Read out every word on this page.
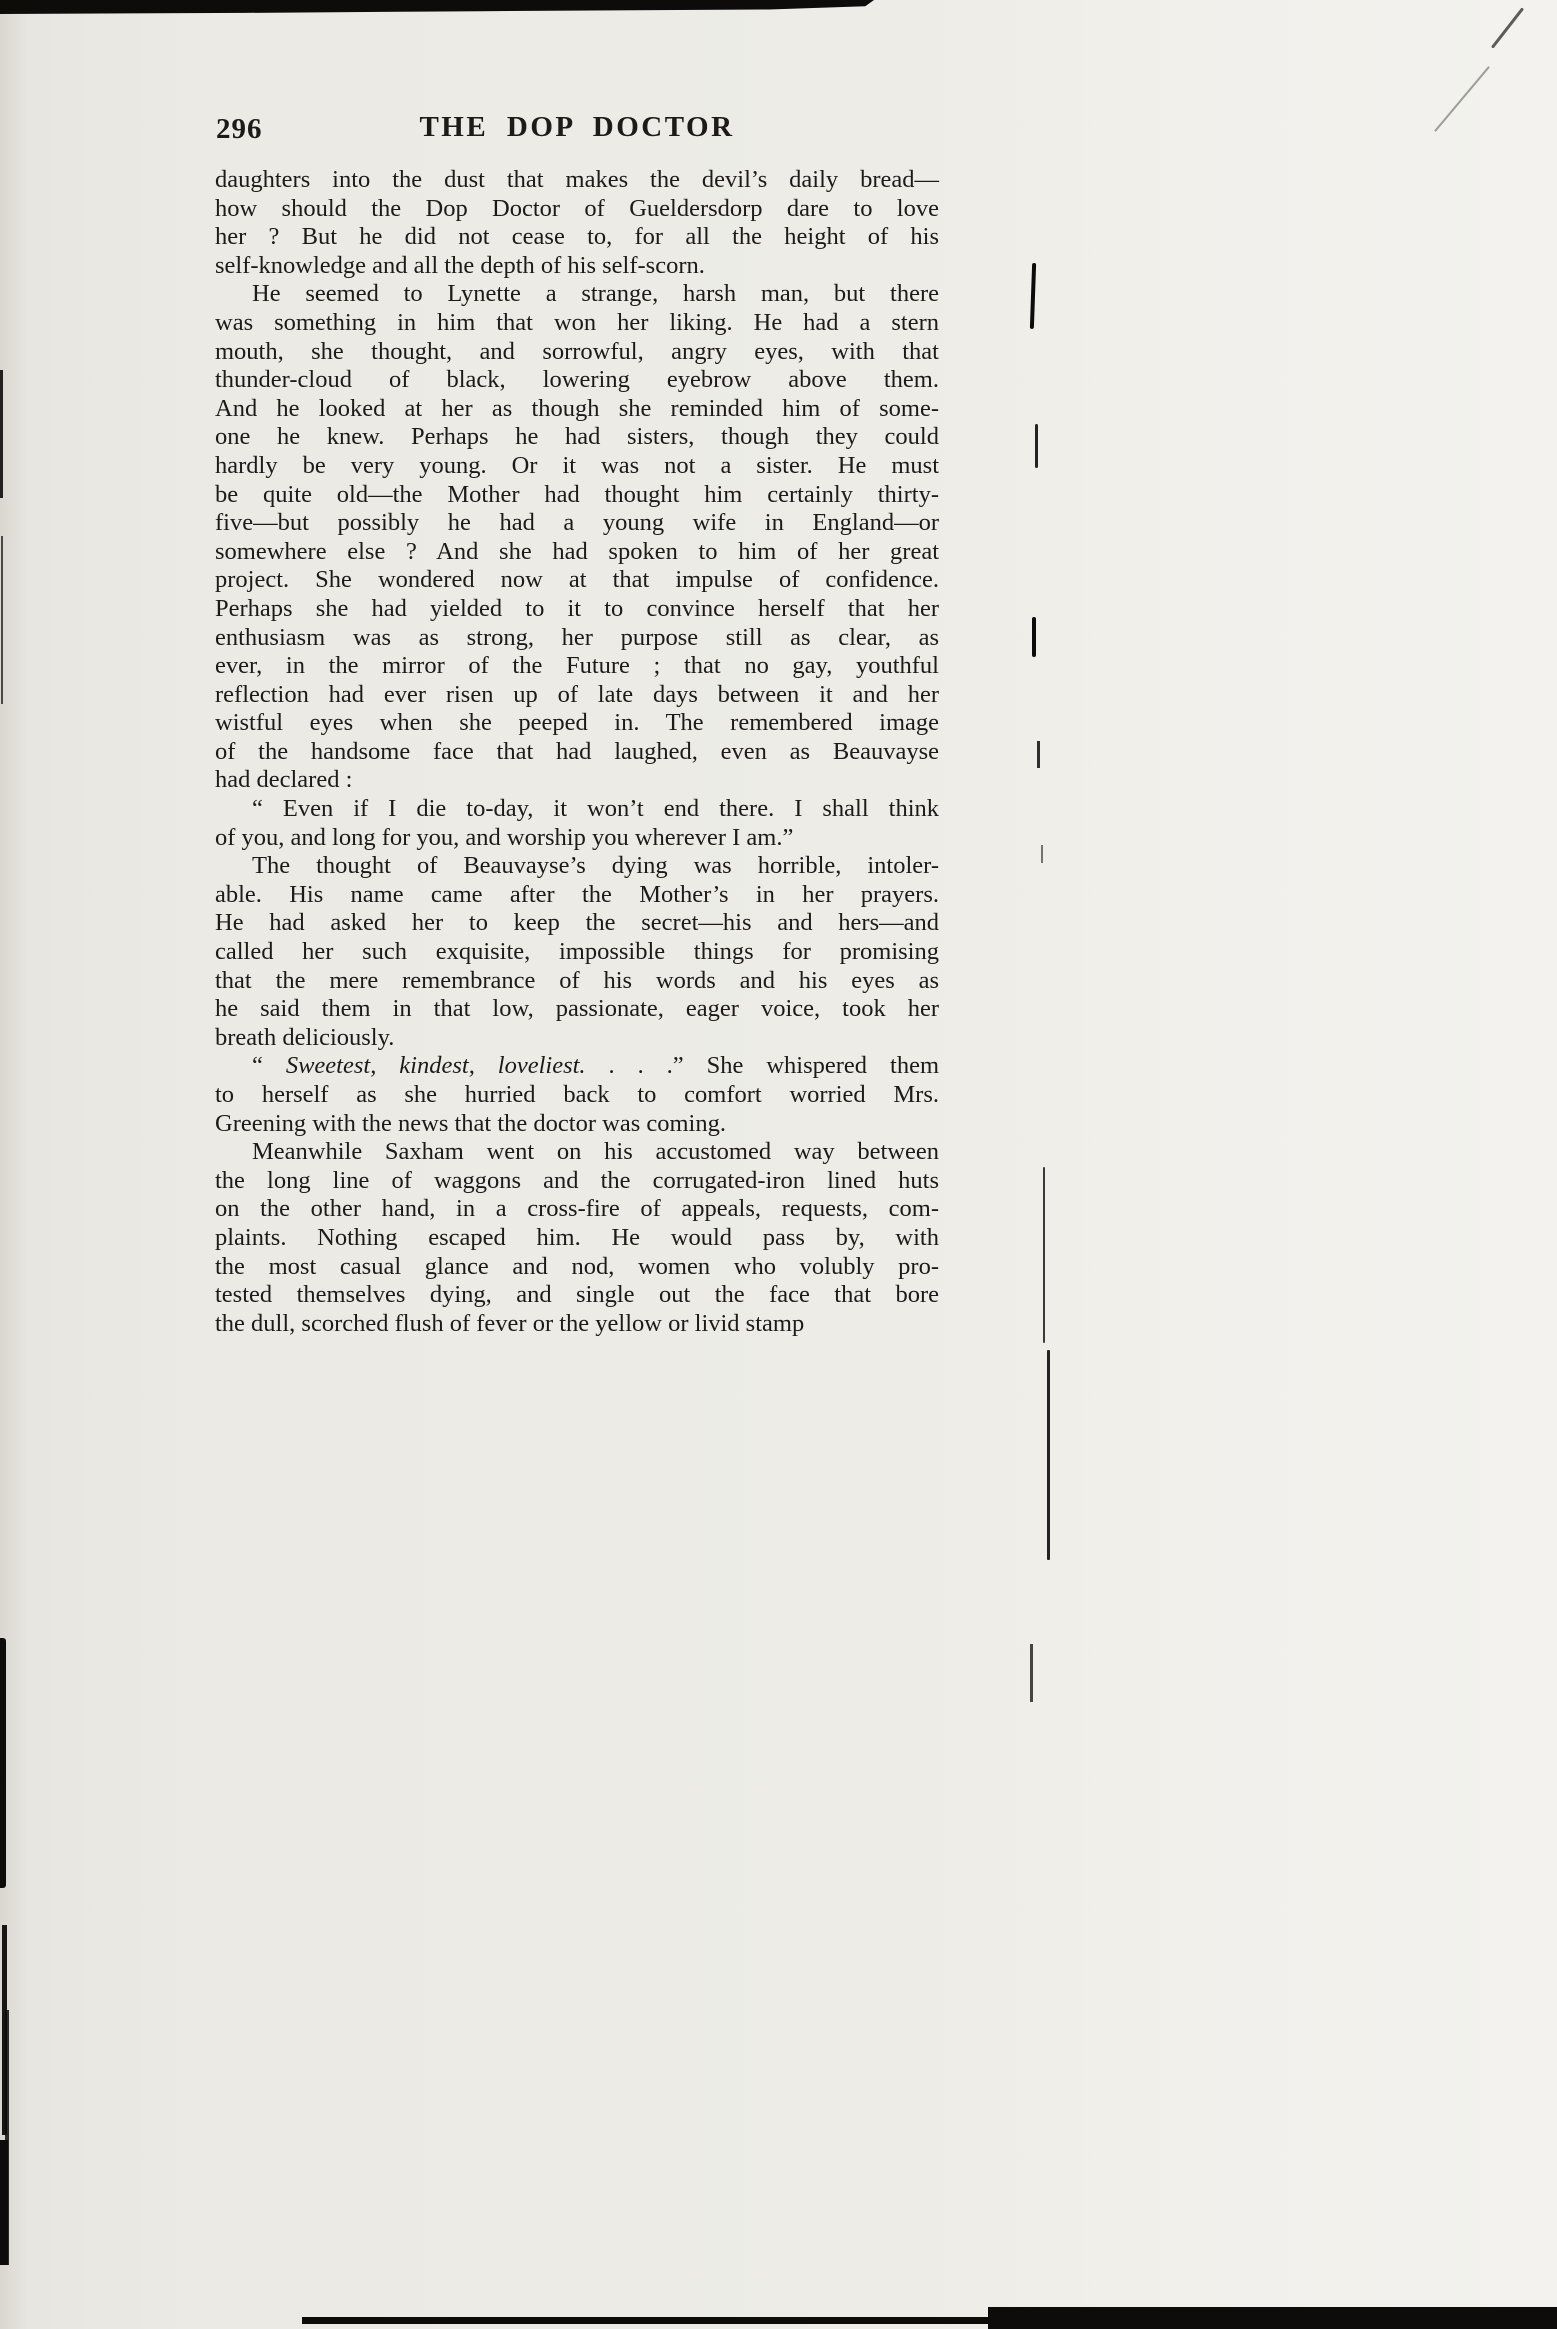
296	THE DOP DOCTOR
daughters into the dust that makes the devil’s daily bread—
how should the Dop Doctor of Gueldersdorp dare to love
her ? But he did not cease to, for all the height of his
self-knowledge and all the depth of his self-scorn.
He seemed to Lynette a strange, harsh man, but there
was something in him that won her liking. He had a stern
mouth, she thought, and sorrowful, angry eyes, with that
thunder-cloud of black, lowering eyebrow above them.
And he looked at her as though she reminded him of some-
one he knew. Perhaps he had sisters, though they could
hardly be very young. Or it was not a sister. He must
be quite old—the Mother had thought him certainly thirty-
five—but possibly he had a young wife in England—or
somewhere else ? And she had spoken to him of her great
project. She wondered now at that impulse of confidence.
Perhaps she had yielded to it to convince herself that her
enthusiasm was as strong, her purpose still as clear, as
ever, in the mirror of the Future ; that no gay, youthful
reflection had ever risen up of late days between it and her
wistful eyes when she peeped in. The remembered image
of the handsome face that had laughed, even as Beauvayse
had declared :
“ Even if I die to-day, it won’t end there. I shall think
of you, and long for you, and worship you wherever I am.”
The thought of Beauvayse’s dying was horrible, intoler-
able. His name came after the Mother’s in her prayers.
He had asked her to keep the secret—his and hers—and
called her such exquisite, impossible things for promising
that the mere remembrance of his words and his eyes as
he said them in that low, passionate, eager voice, took her
breath deliciously.
“ Sweetest, kindest, loveliest. . . .” She whispered them
to herself as she hurried back to comfort worried Mrs.
Greening with the news that the doctor was coming.
Meanwhile Saxham went on his accustomed way between
the long line of waggons and the corrugated-iron lined huts
on the other hand, in a cross-fire of appeals, requests, com-
plaints. Nothing escaped him. He would pass by, with
the most casual glance and nod, women who volubly pro-
tested themselves dying, and single out the face that bore
the dull, scorched flush of fever or the yellow or livid stamp
